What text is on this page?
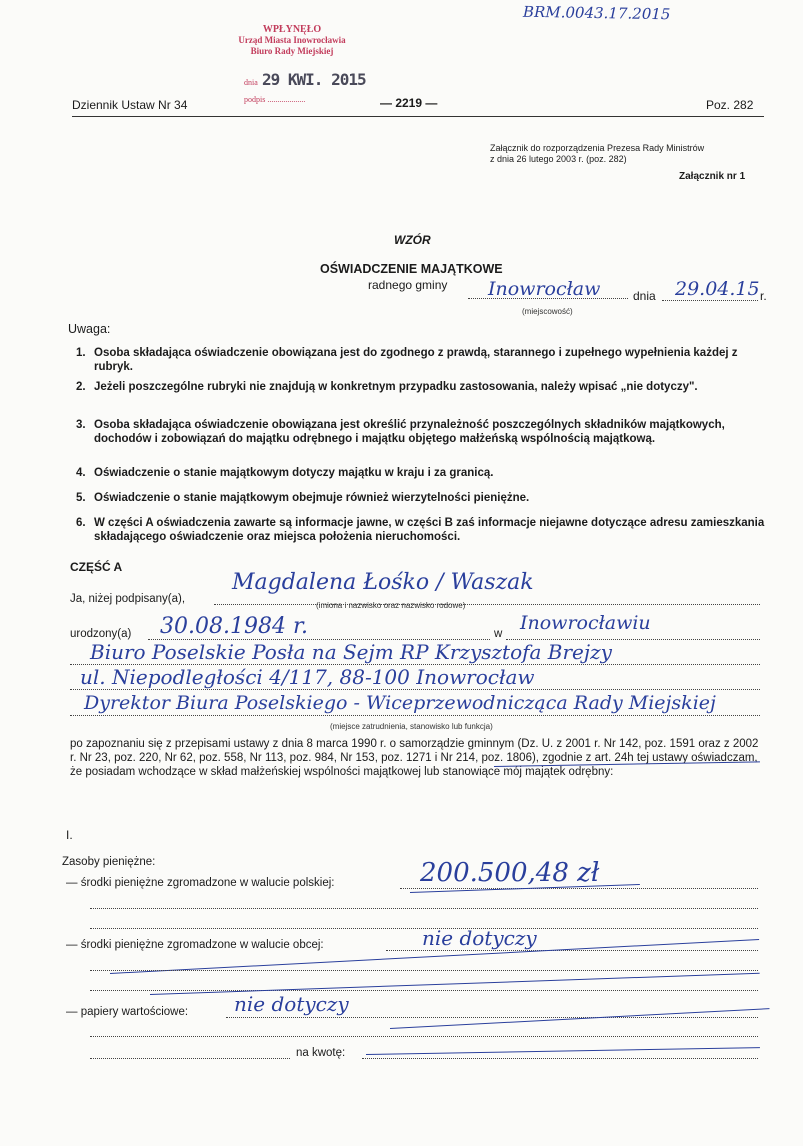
WPŁYNĘŁO
Urząd Miasta Inowrocławia
Biuro Rady Miejskiej
dnia 29 KWI. 2015
podpis ...................
BRM.0043.17.2015
Dziennik Ustaw Nr 34	— 2219 —	Poz. 282
Załącznik do rozporządzenia Prezesa Rady Ministrów
z dnia 26 lutego 2003 r. (poz. 282)
Załącznik nr 1
WZÓR
OŚWIADCZENIE MAJĄTKOWE
radnego gminy Inowrocław
(miejscowość)
dnia 29.04.15 r.
Uwaga:
1. Osoba składająca oświadczenie obowiązana jest do zgodnego z prawdą, starannego i zupełnego wypełnienia każdej z rubryk.
2. Jeżeli poszczególne rubryki nie znajdują w konkretnym przypadku zastosowania, należy wpisać „nie dotyczy".
3. Osoba składająca oświadczenie obowiązana jest określić przynależność poszczególnych składników majątkowych, dochodów i zobowiązań do majątku odrębnego i majątku objętego małżeńską wspólnością majątkową.
4. Oświadczenie o stanie majątkowym dotyczy majątku w kraju i za granicą.
5. Oświadczenie o stanie majątkowym obejmuje również wierzytelności pieniężne.
6. W części A oświadczenia zawarte są informacje jawne, w części B zaś informacje niejawne dotyczące adresu zamieszkania składającego oświadczenie oraz miejsca położenia nieruchomości.
CZĘŚĆ A
Ja, niżej podpisany(a),
Magdalena Łośko / Waszak
(imiona i nazwisko oraz nazwisko rodowe)
urodzony(a) 30.08.1984 r.	w Inowrocławiu
Biuro Poselskie Posła na Sejm RP Krzysztofa Brejzy
ul. Niepodległości 4/117, 88-100 Inowrocław
Dyrektor Biura Poselskiego - Wiceprzewodnicząca Rady Miejskiej
(miejsce zatrudnienia, stanowisko lub funkcja)
po zapoznaniu się z przepisami ustawy z dnia 8 marca 1990 r. o samorządzie gminnym (Dz. U. z 2001 r. Nr 142, poz. 1591 oraz z 2002 r. Nr 23, poz. 220, Nr 62, poz. 558, Nr 113, poz. 984, Nr 153, poz. 1271 i Nr 214, poz. 1806), zgodnie z art. 24h tej ustawy oświadczam, że posiadam wchodzące w skład małżeńskiej wspólności majątkowej lub stanowiące mój majątek odrębny:
I.
Zasoby pieniężne:
— środki pieniężne zgromadzone w walucie polskiej:	200.500,48 zł
— środki pieniężne zgromadzone w walucie obcej:	nie dotyczy
— papiery wartościowe: nie dotyczy
na kwotę:
